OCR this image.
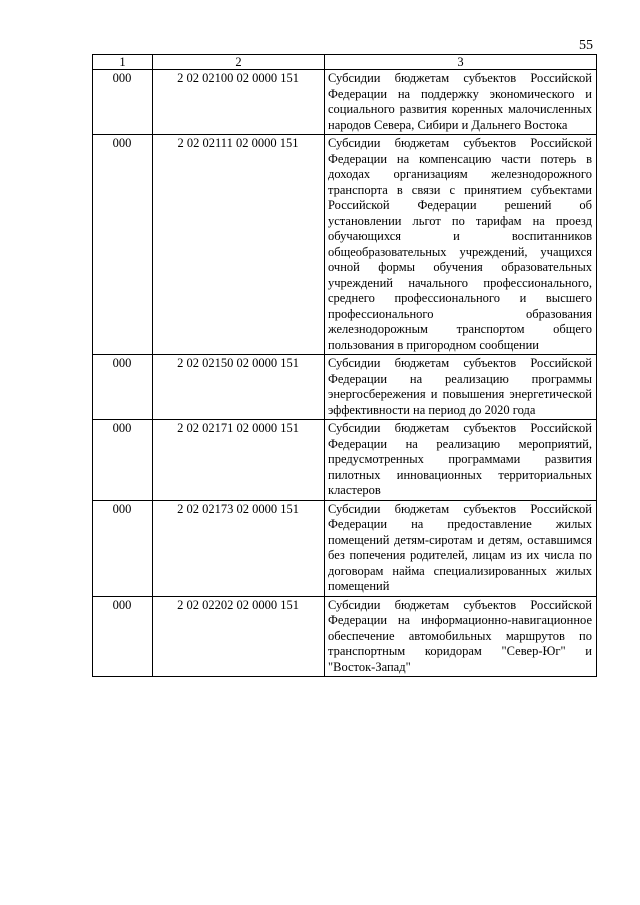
55
1	2	3
000	2 02 02100 02 0000 151	Субсидии бюджетам субъектов Российской Федерации на поддержку экономического и социального развития коренных малочисленных народов Севера, Сибири и Дальнего Востока
000	2 02 02111 02 0000 151	Субсидии бюджетам субъектов Российской Федерации на компенсацию части потерь в доходах организациям железнодорожного транспорта в связи с принятием субъектами Российской Федерации решений об установлении льгот по тарифам на проезд обучающихся и воспитанников общеобразовательных учреждений, учащихся очной формы обучения образовательных учреждений начального профессионального, среднего профессионального и высшего профессионального образования железнодорожным транспортом общего пользования в пригородном сообщении
000	2 02 02150 02 0000 151	Субсидии бюджетам субъектов Российской Федерации на реализацию программы энергосбережения и повышения энергетической эффективности на период до 2020 года
000	2 02 02171 02 0000 151	Субсидии бюджетам субъектов Российской Федерации на реализацию мероприятий, предусмотренных программами развития пилотных инновационных территориальных кластеров
000	2 02 02173 02 0000 151	Субсидии бюджетам субъектов Российской Федерации на предоставление жилых помещений детям-сиротам и детям, оставшимся без попечения родителей, лицам из их числа по договорам найма специализированных жилых помещений
000	2 02 02202 02 0000 151	Субсидии бюджетам субъектов Российской Федерации на информационно-навигационное обеспечение автомобильных маршрутов по транспортным коридорам "Север-Юг" и "Восток-Запад"
